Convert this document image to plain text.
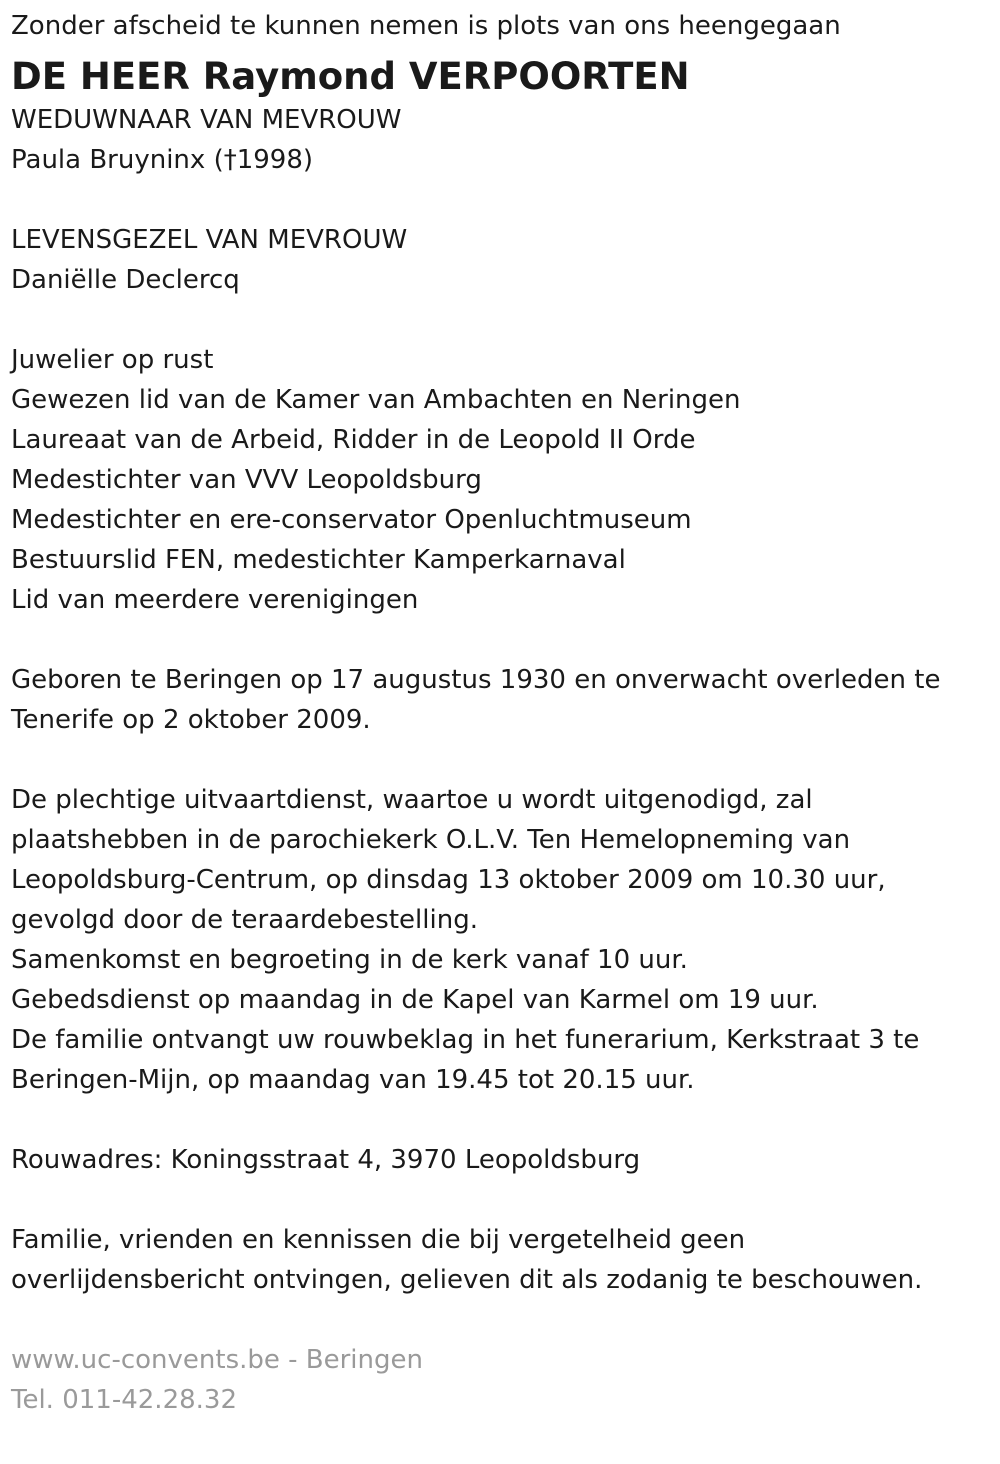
Zonder afscheid te kunnen nemen is plots van ons heengegaan
DE HEER Raymond VERPOORTEN
WEDUWNAAR VAN MEVROUW
Paula Bruyninx (†1998)
LEVENSGEZEL VAN MEVROUW
Daniëlle Declercq
Juwelier op rust
Gewezen lid van de Kamer van Ambachten en Neringen
Laureaat van de Arbeid, Ridder in de Leopold II Orde
Medestichter van VVV Leopoldsburg
Medestichter en ere-conservator Openluchtmuseum
Bestuurslid FEN, medestichter Kamperkarnaval
Lid van meerdere verenigingen
Geboren te Beringen op 17 augustus 1930 en onverwacht overleden te
Tenerife op 2 oktober 2009.
De plechtige uitvaartdienst, waartoe u wordt uitgenodigd, zal
plaatshebben in de parochiekerk O.L.V. Ten Hemelopneming van
Leopoldsburg-Centrum, op dinsdag 13 oktober 2009 om 10.30 uur,
gevolgd door de teraardebestelling.
Samenkomst en begroeting in de kerk vanaf 10 uur.
Gebedsdienst op maandag in de Kapel van Karmel om 19 uur.
De familie ontvangt uw rouwbeklag in het funerarium, Kerkstraat 3 te
Beringen-Mijn, op maandag van 19.45 tot 20.15 uur.
Rouwadres: Koningsstraat 4, 3970 Leopoldsburg
Familie, vrienden en kennissen die bij vergetelheid geen
overlijdensbericht ontvingen, gelieven dit als zodanig te beschouwen.
www.uc-convents.be - Beringen
Tel. 011-42.28.32
